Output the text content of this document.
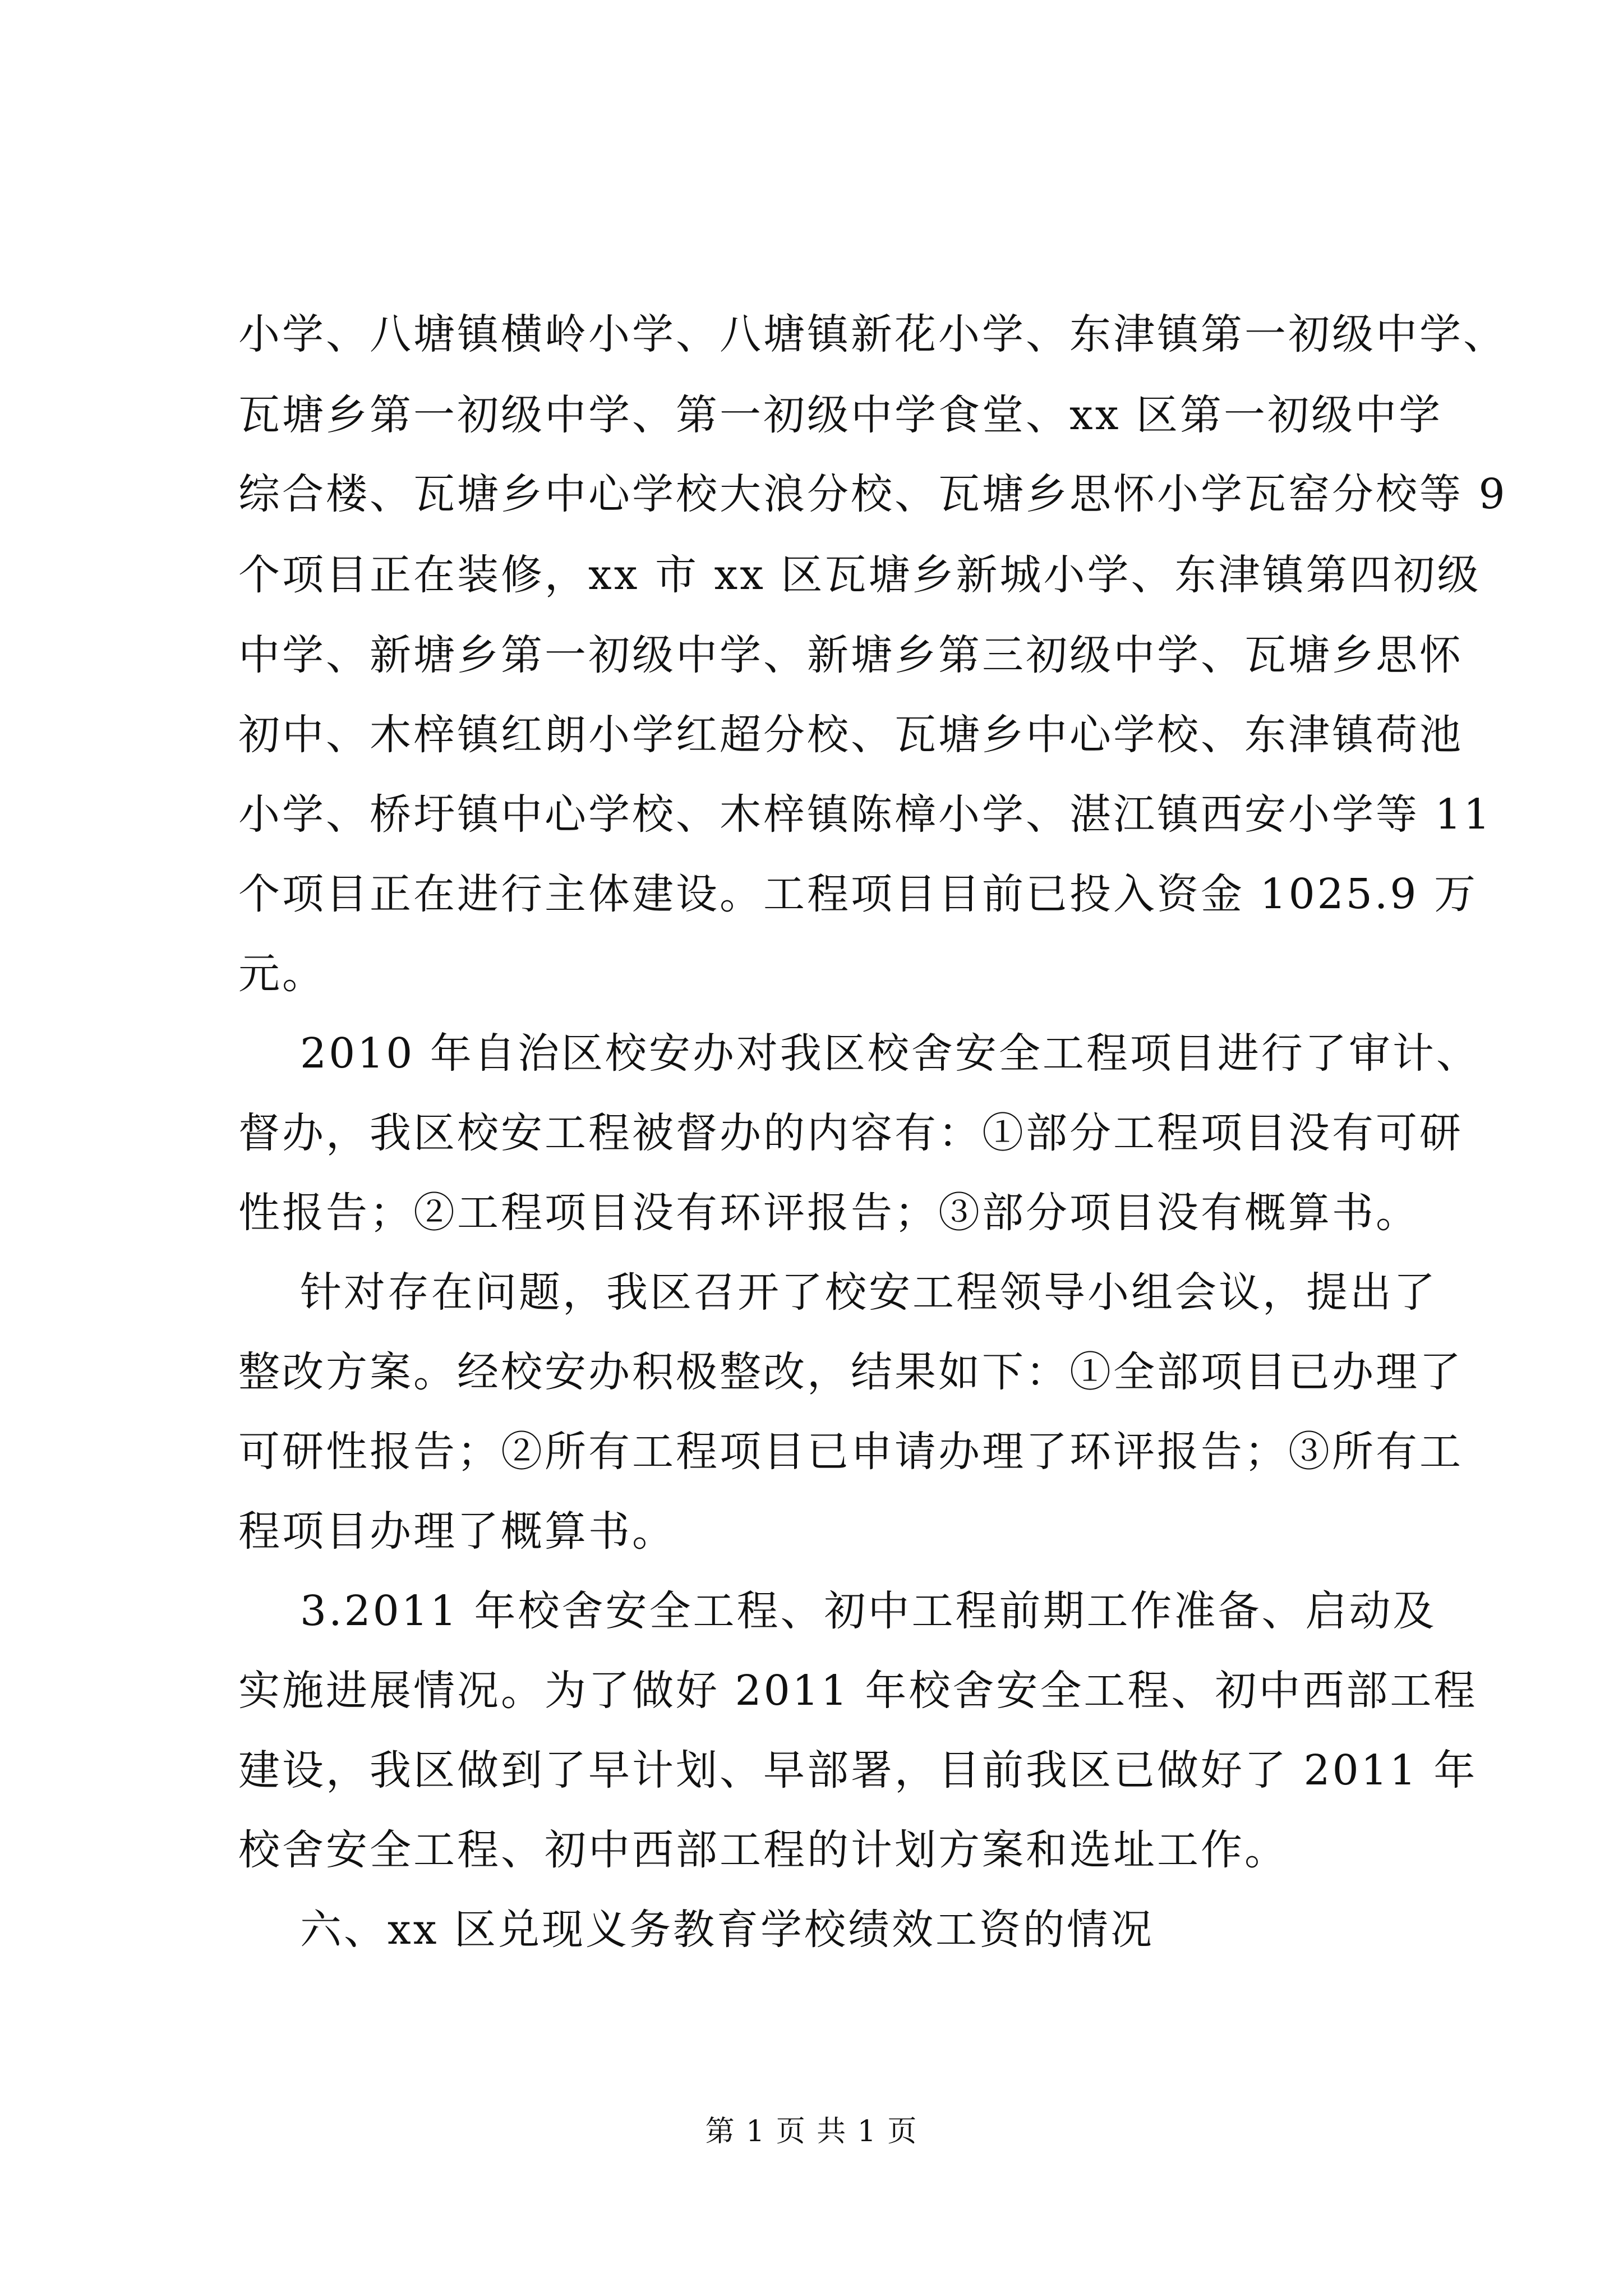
小学、八塘镇横岭小学、八塘镇新花小学、东津镇第一初级中学、
瓦塘乡第一初级中学、第一初级中学食堂、xx 区第一初级中学
综合楼、瓦塘乡中心学校大浪分校、瓦塘乡思怀小学瓦窑分校等 9
个项目正在装修，xx 市 xx 区瓦塘乡新城小学、东津镇第四初级
中学、新塘乡第一初级中学、新塘乡第三初级中学、瓦塘乡思怀
初中、木梓镇红朗小学红超分校、瓦塘乡中心学校、东津镇荷池
小学、桥圩镇中心学校、木梓镇陈樟小学、湛江镇西安小学等 11
个项目正在进行主体建设。工程项目目前已投入资金 1025.9 万
元。
2010 年自治区校安办对我区校舍安全工程项目进行了审计、
督办，我区校安工程被督办的内容有：①部分工程项目没有可研
性报告；②工程项目没有环评报告；③部分项目没有概算书。
针对存在问题，我区召开了校安工程领导小组会议，提出了
整改方案。经校安办积极整改，结果如下：①全部项目已办理了
可研性报告；②所有工程项目已申请办理了环评报告；③所有工
程项目办理了概算书。
3.2011 年校舍安全工程、初中工程前期工作准备、启动及
实施进展情况。为了做好 2011 年校舍安全工程、初中西部工程
建设，我区做到了早计划、早部署，目前我区已做好了 2011 年
校舍安全工程、初中西部工程的计划方案和选址工作。
六、xx 区兑现义务教育学校绩效工资的情况
第 1 页 共 1 页
